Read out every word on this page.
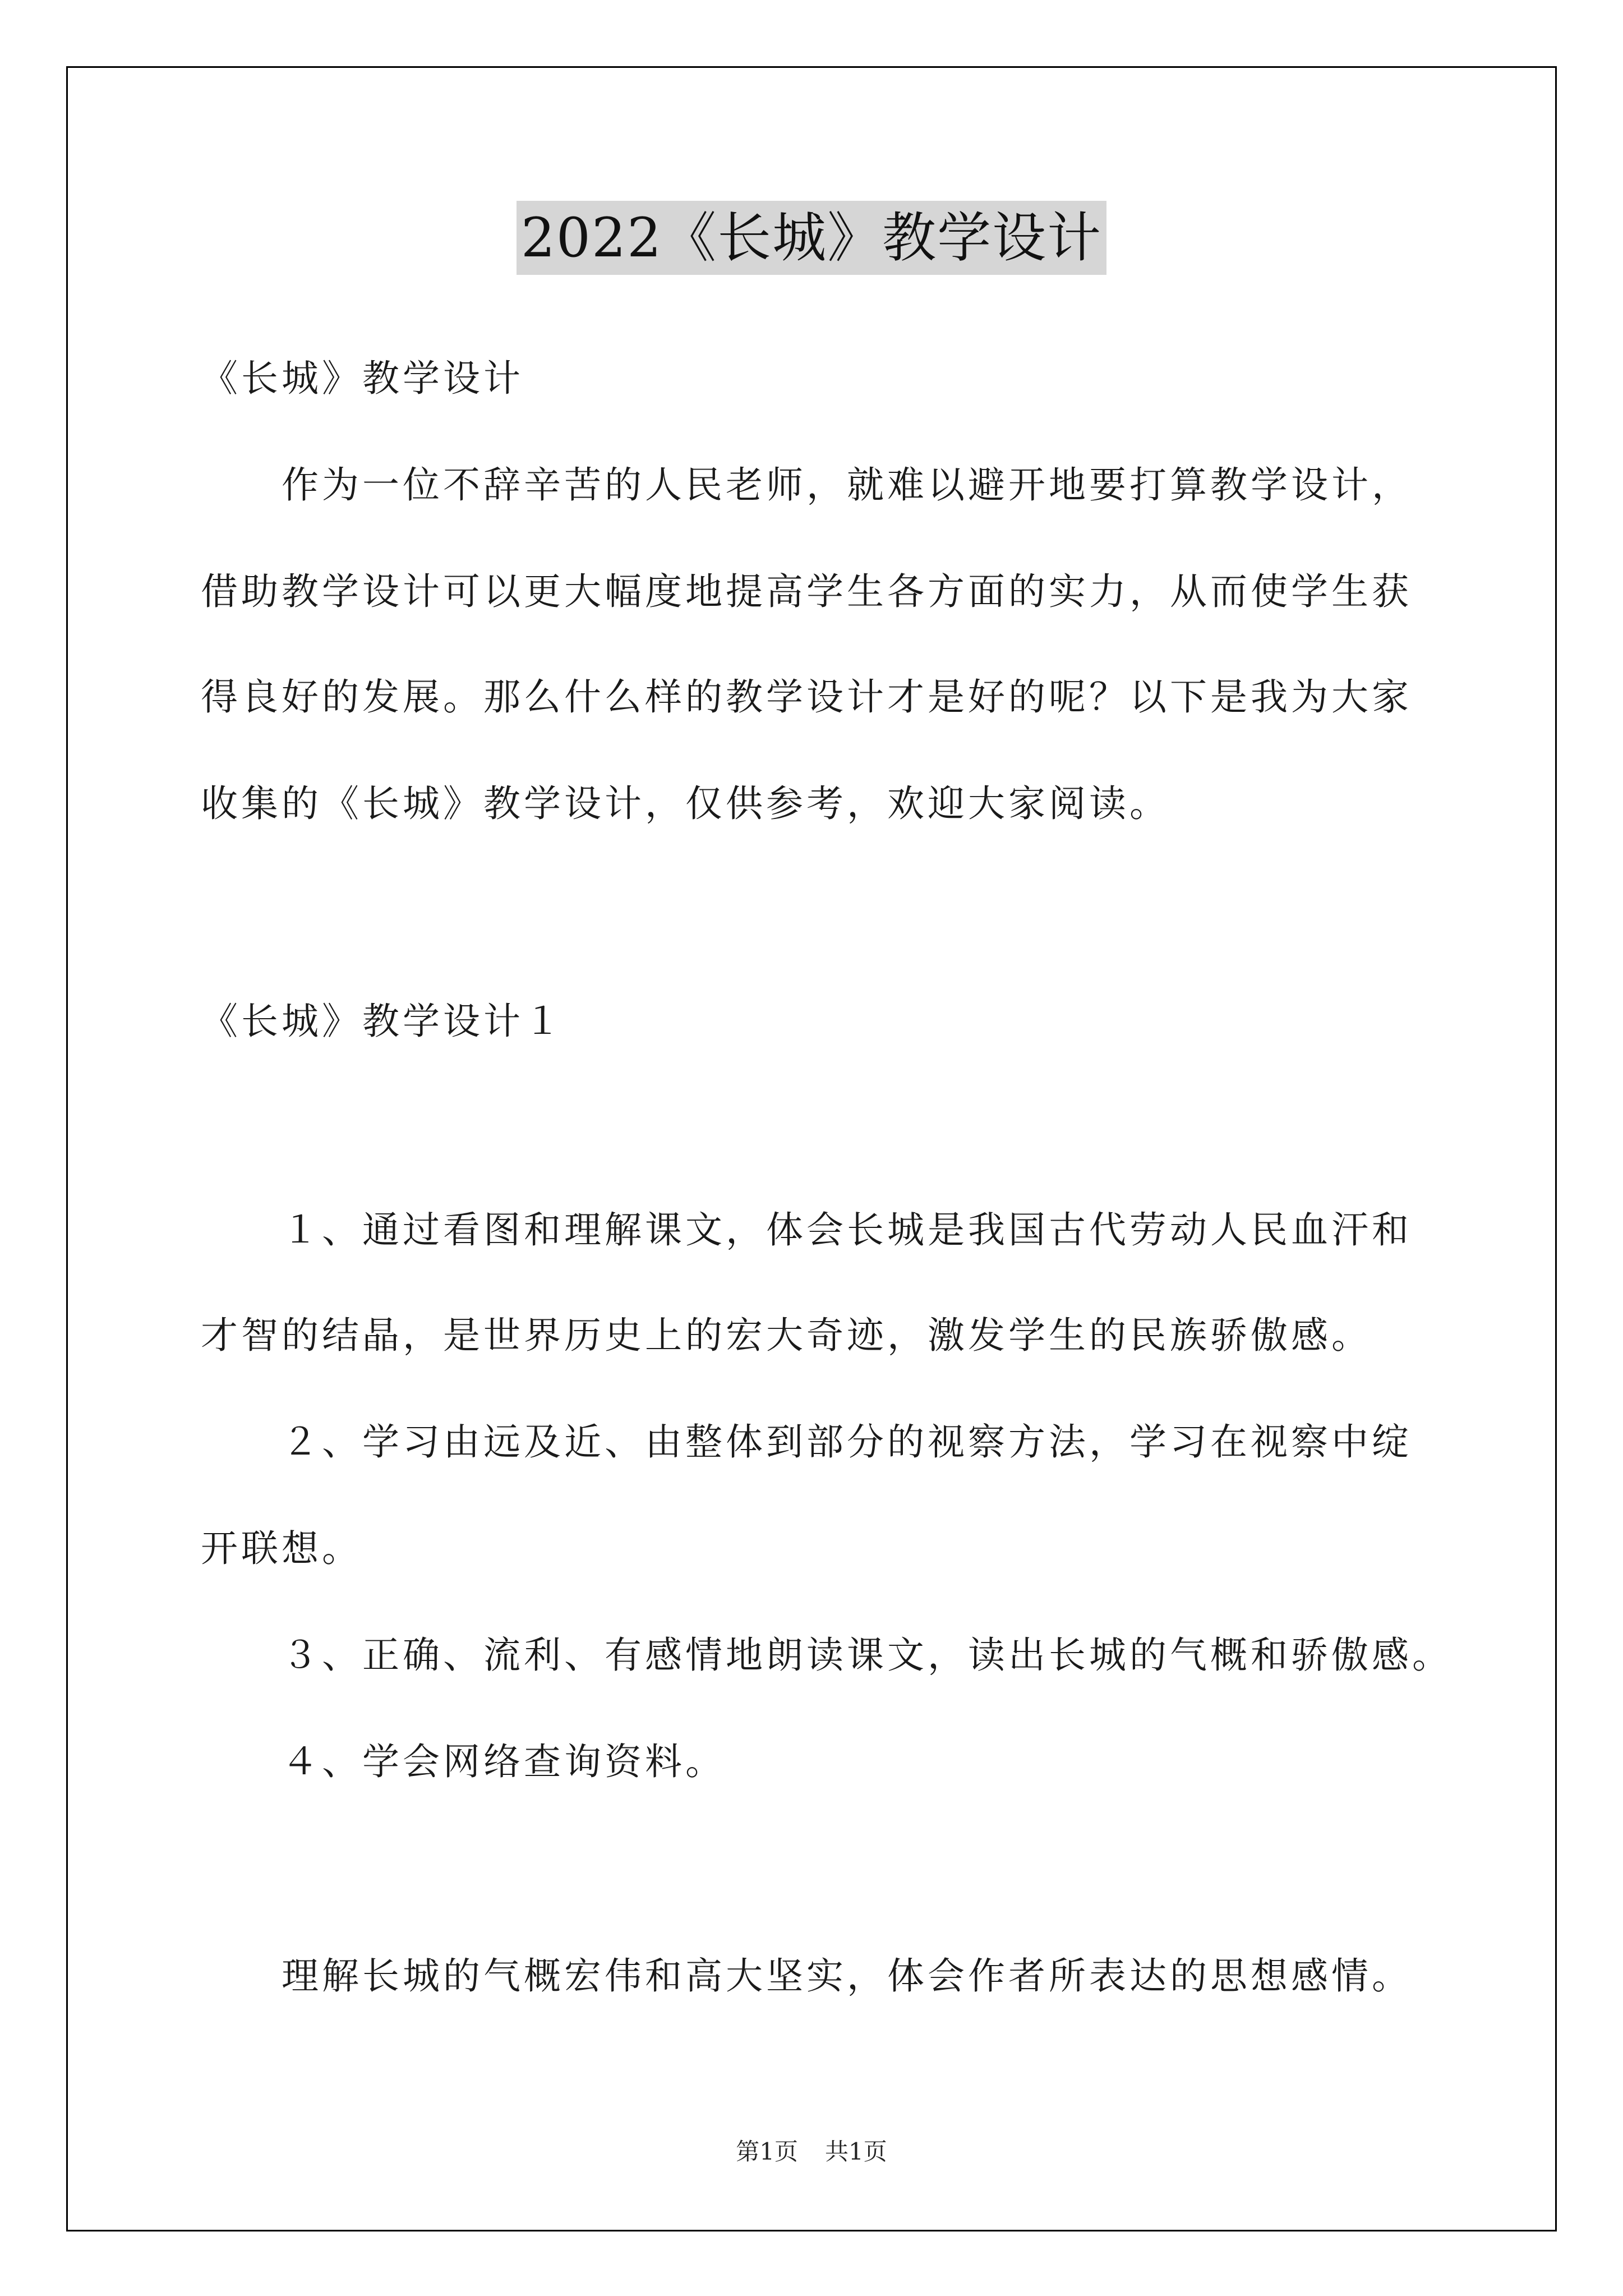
2022《长城》教学设计
《长城》教学设计
作为一位不辞辛苦的人民老师，就难以避开地要打算教学设计，
借助教学设计可以更大幅度地提高学生各方面的实力，从而使学生获
得良好的发展。那么什么样的教学设计才是好的呢？以下是我为大家
收集的《长城》教学设计，仅供参考，欢迎大家阅读。
《长城》教学设计１
１、通过看图和理解课文，体会长城是我国古代劳动人民血汗和
才智的结晶，是世界历史上的宏大奇迹，激发学生的民族骄傲感。
２、学习由远及近、由整体到部分的视察方法，学习在视察中绽
开联想。
３、正确、流利、有感情地朗读课文，读出长城的气概和骄傲感。
４、学会网络查询资料。
理解长城的气概宏伟和高大坚实，体会作者所表达的思想感情。
第1页 共1页
